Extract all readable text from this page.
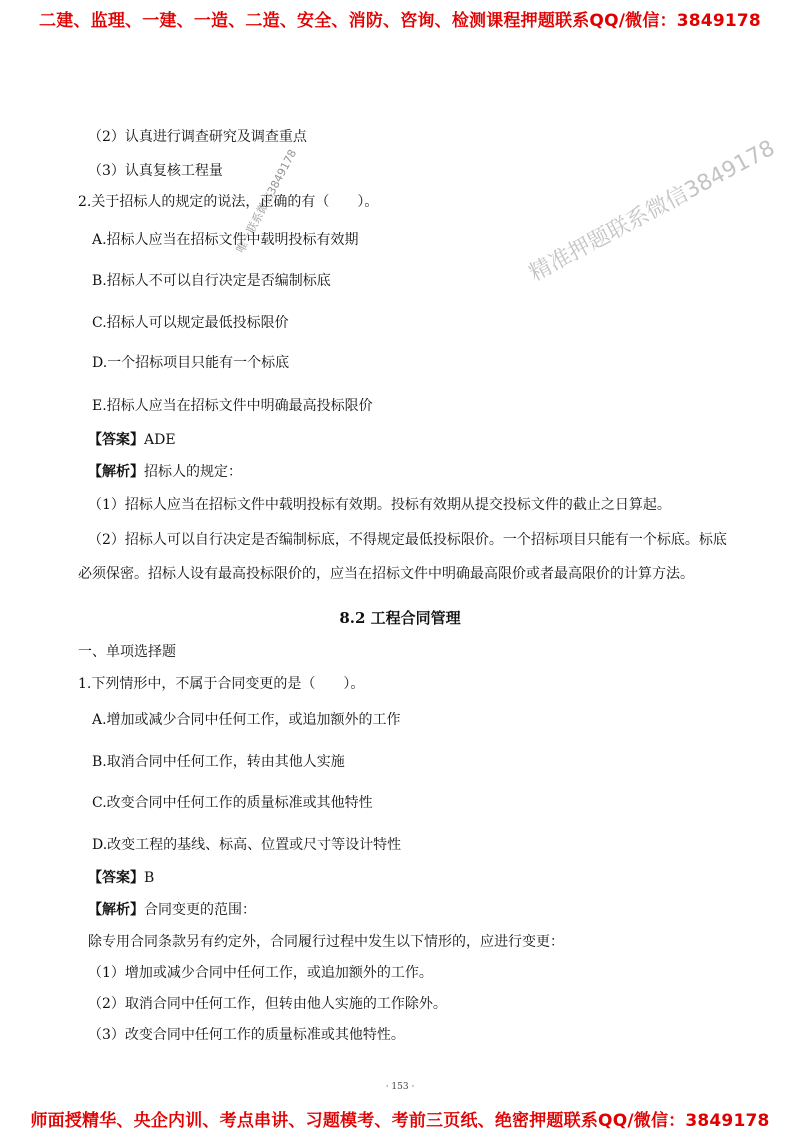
二建、监理、一建、一造、二造、安全、消防、咨询、检测课程押题联系QQ/微信：3849178
精准押题联系微信3849178
唯一联系微信3849178
（2）认真进行调查研究及调查重点
（3）认真复核工程量
2.关于招标人的规定的说法，正确的有（　　）。
A.招标人应当在招标文件中载明投标有效期
B.招标人不可以自行决定是否编制标底
C.招标人可以规定最低投标限价
D.一个招标项目只能有一个标底
E.招标人应当在招标文件中明确最高投标限价
【答案】ADE
【解析】招标人的规定：
（1）招标人应当在招标文件中载明投标有效期。投标有效期从提交投标文件的截止之日算起。
（2）招标人可以自行决定是否编制标底，不得规定最低投标限价。一个招标项目只能有一个标底。标底
必须保密。招标人设有最高投标限价的，应当在招标文件中明确最高限价或者最高限价的计算方法。
8.2 工程合同管理
一、单项选择题
1.下列情形中，不属于合同变更的是（　　）。
A.增加或减少合同中任何工作，或追加额外的工作
B.取消合同中任何工作，转由其他人实施
C.改变合同中任何工作的质量标准或其他特性
D.改变工程的基线、标高、位置或尺寸等设计特性
【答案】B
【解析】合同变更的范围：
除专用合同条款另有约定外，合同履行过程中发生以下情形的，应进行变更：
（1）增加或减少合同中任何工作，或追加额外的工作。
（2）取消合同中任何工作，但转由他人实施的工作除外。
（3）改变合同中任何工作的质量标准或其他特性。
· 153 ·
师面授精华、央企内训、考点串讲、习题模考、考前三页纸、绝密押题联系QQ/微信：3849178
